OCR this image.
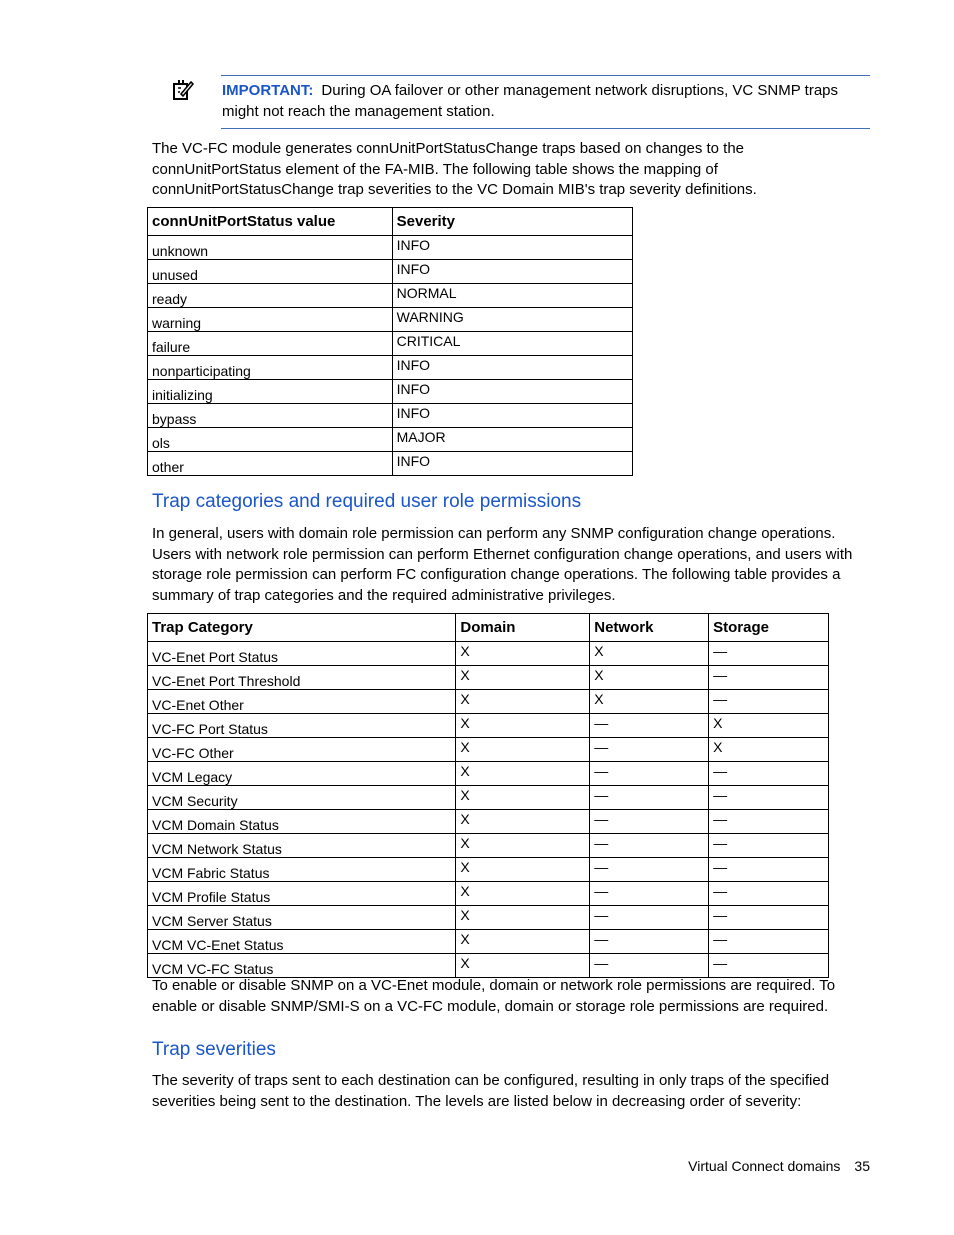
IMPORTANT: During OA failover or other management network disruptions, VC SNMP traps might not reach the management station.
The VC-FC module generates connUnitPortStatusChange traps based on changes to the connUnitPortStatus element of the FA-MIB. The following table shows the mapping of connUnitPortStatusChange trap severities to the VC Domain MIB's trap severity definitions.
connUnitPortStatus value	Severity
unknown	INFO
unused	INFO
ready	NORMAL
warning	WARNING
failure	CRITICAL
nonparticipating	INFO
initializing	INFO
bypass	INFO
ols	MAJOR
other	INFO
Trap categories and required user role permissions
In general, users with domain role permission can perform any SNMP configuration change operations. Users with network role permission can perform Ethernet configuration change operations, and users with storage role permission can perform FC configuration change operations. The following table provides a summary of trap categories and the required administrative privileges.
Trap Category	Domain	Network	Storage
VC-Enet Port Status	X	X	—
VC-Enet Port Threshold	X	X	—
VC-Enet Other	X	X	—
VC-FC Port Status	X	—	X
VC-FC Other	X	—	X
VCM Legacy	X	—	—
VCM Security	X	—	—
VCM Domain Status	X	—	—
VCM Network Status	X	—	—
VCM Fabric Status	X	—	—
VCM Profile Status	X	—	—
VCM Server Status	X	—	—
VCM VC-Enet Status	X	—	—
VCM VC-FC Status	X	—	—
To enable or disable SNMP on a VC-Enet module, domain or network role permissions are required. To enable or disable SNMP/SMI-S on a VC-FC module, domain or storage role permissions are required.
Trap severities
The severity of traps sent to each destination can be configured, resulting in only traps of the specified severities being sent to the destination. The levels are listed below in decreasing order of severity:
Virtual Connect domains 35
